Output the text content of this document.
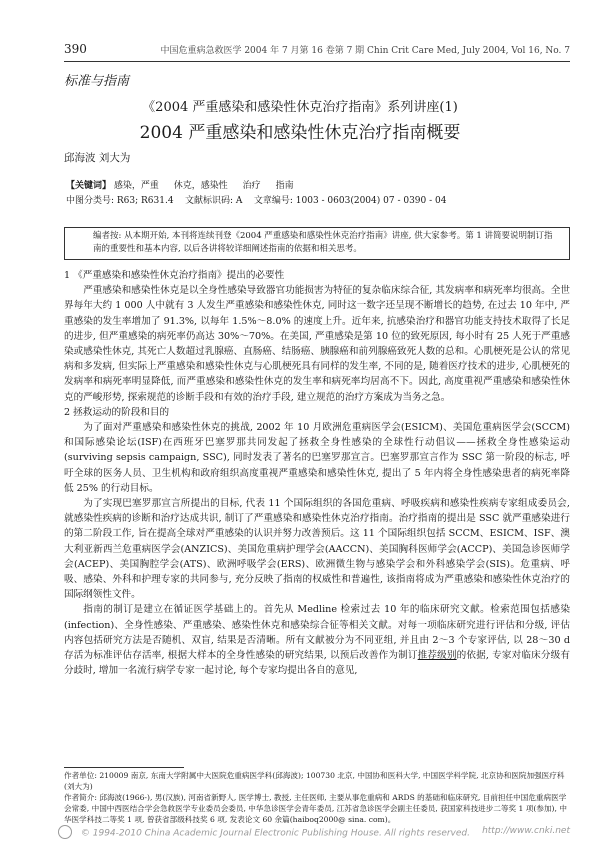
390	中国危重病急救医学 2004 年 7 月第 16 卷第 7 期 Chin Crit Care Med, July 2004, Vol 16, No. 7
标准与指南
《2004 严重感染和感染性休克治疗指南》系列讲座(1)
2004 严重感染和感染性休克治疗指南概要
邱海波 刘大为
【关键词】 感染，严重 休克，感染性 治疗 指南
中图分类号: R63; R631.4 文献标识码: A 文章编号: 1003 - 0603(2004) 07 - 0390 - 04
编者按: 从本期开始, 本刊将连续刊登《2004 严重感染和感染性休克治疗指南》讲座, 供大家参考。第 1 讲简要说明制订指南的重要性和基本内容, 以后各讲将较详细阐述指南的依据和相关思考。

1 《严重感染和感染性休克治疗指南》提出的必要性

严重感染和感染性休克是以全身性感染导致器官功能损害为特征的复杂临床综合征, 其发病率和病死率均很高。全世界每年大约 1 000 人中就有 3 人发生严重感染和感染性休克, 同时这一数字还呈现不断增长的趋势, 在过去 10 年中, 严重感染的发生率增加了 91.3%, 以每年 1.5%～8.0% 的速度上升。近年来, 抗感染治疗和器官功能支持技术取得了长足的进步, 但严重感染的病死率仍高达 30%～70%。在美国, 严重感染是第 10 位的致死原因, 每小时有 25 人死于严重感染或感染性休克, 其死亡人数超过乳腺癌、直肠癌、结肠癌、胰腺癌和前列腺癌致死人数的总和。心肌梗死是公认的常见病和多发病, 但实际上严重感染和感染性休克与心肌梗死具有同样的发生率, 不同的是, 随着医疗技术的进步, 心肌梗死的发病率和病死率明显降低, 而严重感染和感染性休克的发生率和病死率均居高不下。因此, 高度重视严重感染和感染性休克的严峻形势, 探索规范的诊断手段和有效的治疗手段, 建立规范的治疗方案成为当务之急。

2 拯救运动的阶段和目的

为了面对严重感染和感染性休克的挑战, 2002 年 10 月欧洲危重病医学会(ESICM)、美国危重病医学会(SCCM)和国际感染论坛(ISF)在西班牙巴塞罗那共同发起了拯救全身性感染的全球性行动倡议——拯救全身性感染运动(surviving sepsis campaign, SSC), 同时发表了著名的巴塞罗那宣言。巴塞罗那宣言作为 SSC 第一阶段的标志, 呼吁全球的医务人员、卫生机构和政府组织高度重视严重感染和感染性休克, 提出了 5 年内将全身性感染患者的病死率降低 25% 的行动目标。

为了实现巴塞罗那宣言所提出的目标, 代表 11 个国际组织的各国危重病、呼吸疾病和感染性疾病专家组成委员会, 就感染性疾病的诊断和治疗达成共识, 制订了严重感染和感染性休克治疗指南。治疗指南的提出是 SSC 就严重感染进行的第二阶段工作, 旨在提高全球对严重感染的认识并努力改善预后。这 11 个国际组织包括 SCCM、ESICM、ISF、澳大利亚新西兰危重病医学会(ANZICS)、美国危重病护理学会(AACCN)、美国胸科医师学会(ACCP)、美国急诊医师学会(ACEP)、美国胸腔学会(ATS)、欧洲呼吸学会(ERS)、欧洲微生物与感染学会和外科感染学会(SIS)。危重病、呼吸、感染、外科和护理专家的共同参与, 充分反映了指南的权威性和普遍性, 该指南将成为严重感染和感染性休克治疗的国际纲领性文件。

指南的制订是建立在循证医学基础上的。首先从 Medline 检索过去 10 年的临床研究文献。检索范围包括感染(infection)、全身性感染、严重感染、感染性休克和感染综合征等相关文献。对每一项临床研究进行评估和分级, 评估内容包括研究方法是否随机、双盲, 结果是否清晰。所有文献被分为不同亚组, 并且由 2～3 个专家评估, 以 28～30 d 存活为标准评估存活率, 根据大样本的全身性感染的研究结果, 以预后改善作为制订推荐级别的依据, 专家对临床分级有分歧时, 增加一名流行病学专家一起讨论, 每个专家均提出各自的意见,

作者单位: 210009 南京, 东南大学附属中大医院危重病医学科(邱海波); 100730 北京, 中国协和医科大学, 中国医学科学院, 北京协和医院加强医疗科(刘大为)

作者简介: 邱海波(1966-), 男(汉族), 河南省新野人, 医学博士, 教授, 主任医师, 主要从事危重病和 ARDS 的基础和临床研究, 目前担任中国危重病医学会常委, 中国中西医结合学会急救医学专业委员会委员, 中华急诊医学会青年委员, 江苏省急诊医学会副主任委员, 获国家科技进步二等奖 1 项(参加), 中华医学科技二等奖 1 项, 曾获省部级科技奖 6 项, 发表论文 60 余篇(haiboq2000@ sina. com)。

© 1994-2010 China Academic Journal Electronic Publishing House. All rights reserved. http://www.cnki.net
